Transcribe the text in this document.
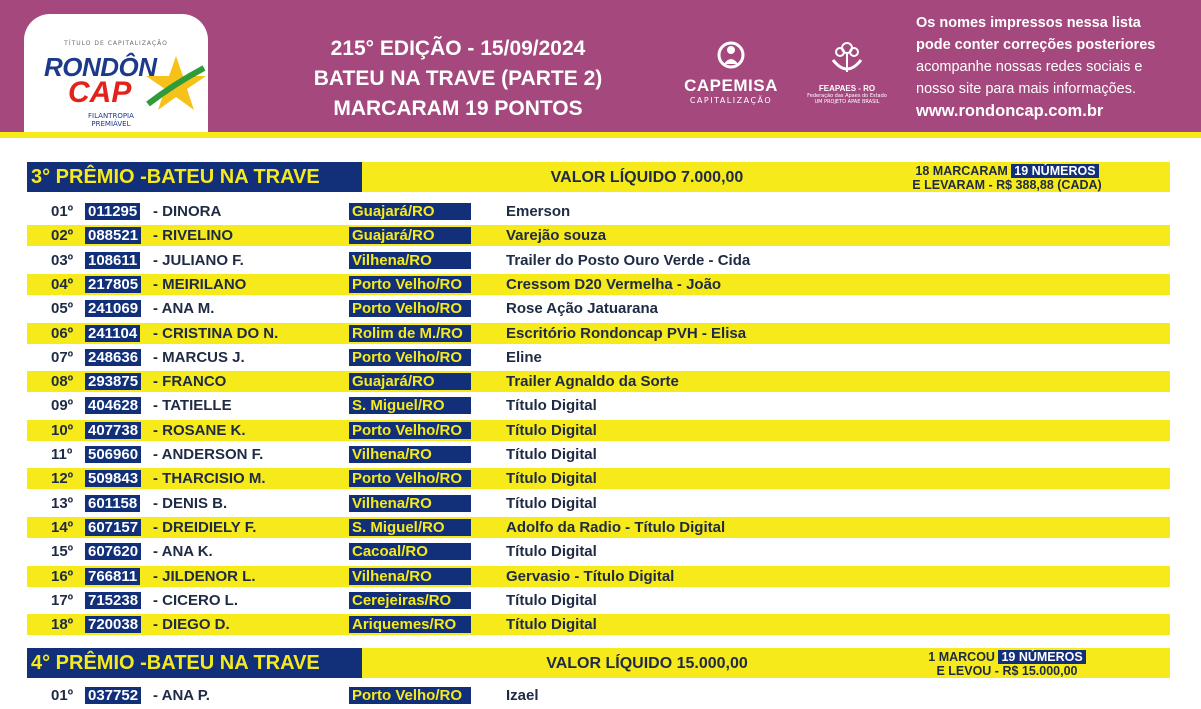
TÍTULO DE CAPITALIZAÇÃO
RONDÔN
CAP
FILANTROPIA
PREMIÁVEL
215° EDIÇÃO - 15/09/2024
BATEU NA TRAVE (PARTE 2)
MARCARAM 19 PONTOS
CAPEMISA
CAPITALIZAÇÃO
FEAPAES - RO
Federação das Apaes do Estado
UM PROJETO APAE BRASIL
Os nomes impressos nessa lista
pode conter correções posteriores
acompanhe nossas redes sociais e
nosso site para mais informações.
www.rondoncap.com.br
3° PRÊMIO -BATEU NA TRAVE	VALOR LÍQUIDO 7.000,00	18 MARCARAM 19 NÚMEROS
E LEVARAM - R$ 388,88 (CADA)
01º 011295 - DINORA	Guajará/RO	Emerson
02º 088521 - RIVELINO	Guajará/RO	Varejão souza
03º 108611 - JULIANO F.	Vilhena/RO	Trailer do Posto Ouro Verde - Cida
04º 217805 - MEIRILANO	Porto Velho/RO	Cressom D20 Vermelha - João
05º 241069 - ANA M.	Porto Velho/RO	Rose Ação Jatuarana
06º 241104 - CRISTINA DO N.	Rolim de M./RO	Escritório Rondoncap PVH - Elisa
07º 248636 - MARCUS J.	Porto Velho/RO	Eline
08º 293875 - FRANCO	Guajará/RO	Trailer Agnaldo da Sorte
09º 404628 - TATIELLE	S. Miguel/RO	Título Digital
10º 407738 - ROSANE K.	Porto Velho/RO	Título Digital
11º 506960 - ANDERSON F.	Vilhena/RO	Título Digital
12º 509843 - THARCISIO M.	Porto Velho/RO	Título Digital
13º 601158 - DENIS B.	Vilhena/RO	Título Digital
14º 607157 - DREIDIELY F.	S. Miguel/RO	Adolfo da Radio - Título Digital
15º 607620 - ANA K.	Cacoal/RO	Título Digital
16º 766811 - JILDENOR L.	Vilhena/RO	Gervasio - Título Digital
17º 715238 - CICERO L.	Cerejeiras/RO	Título Digital
18º 720038 - DIEGO D.	Ariquemes/RO	Título Digital
4° PRÊMIO -BATEU NA TRAVE	VALOR LÍQUIDO 15.000,00	1 MARCOU 19 NÚMEROS
E LEVOU - R$ 15.000,00
01º 037752 - ANA P.	Porto Velho/RO	Izael
